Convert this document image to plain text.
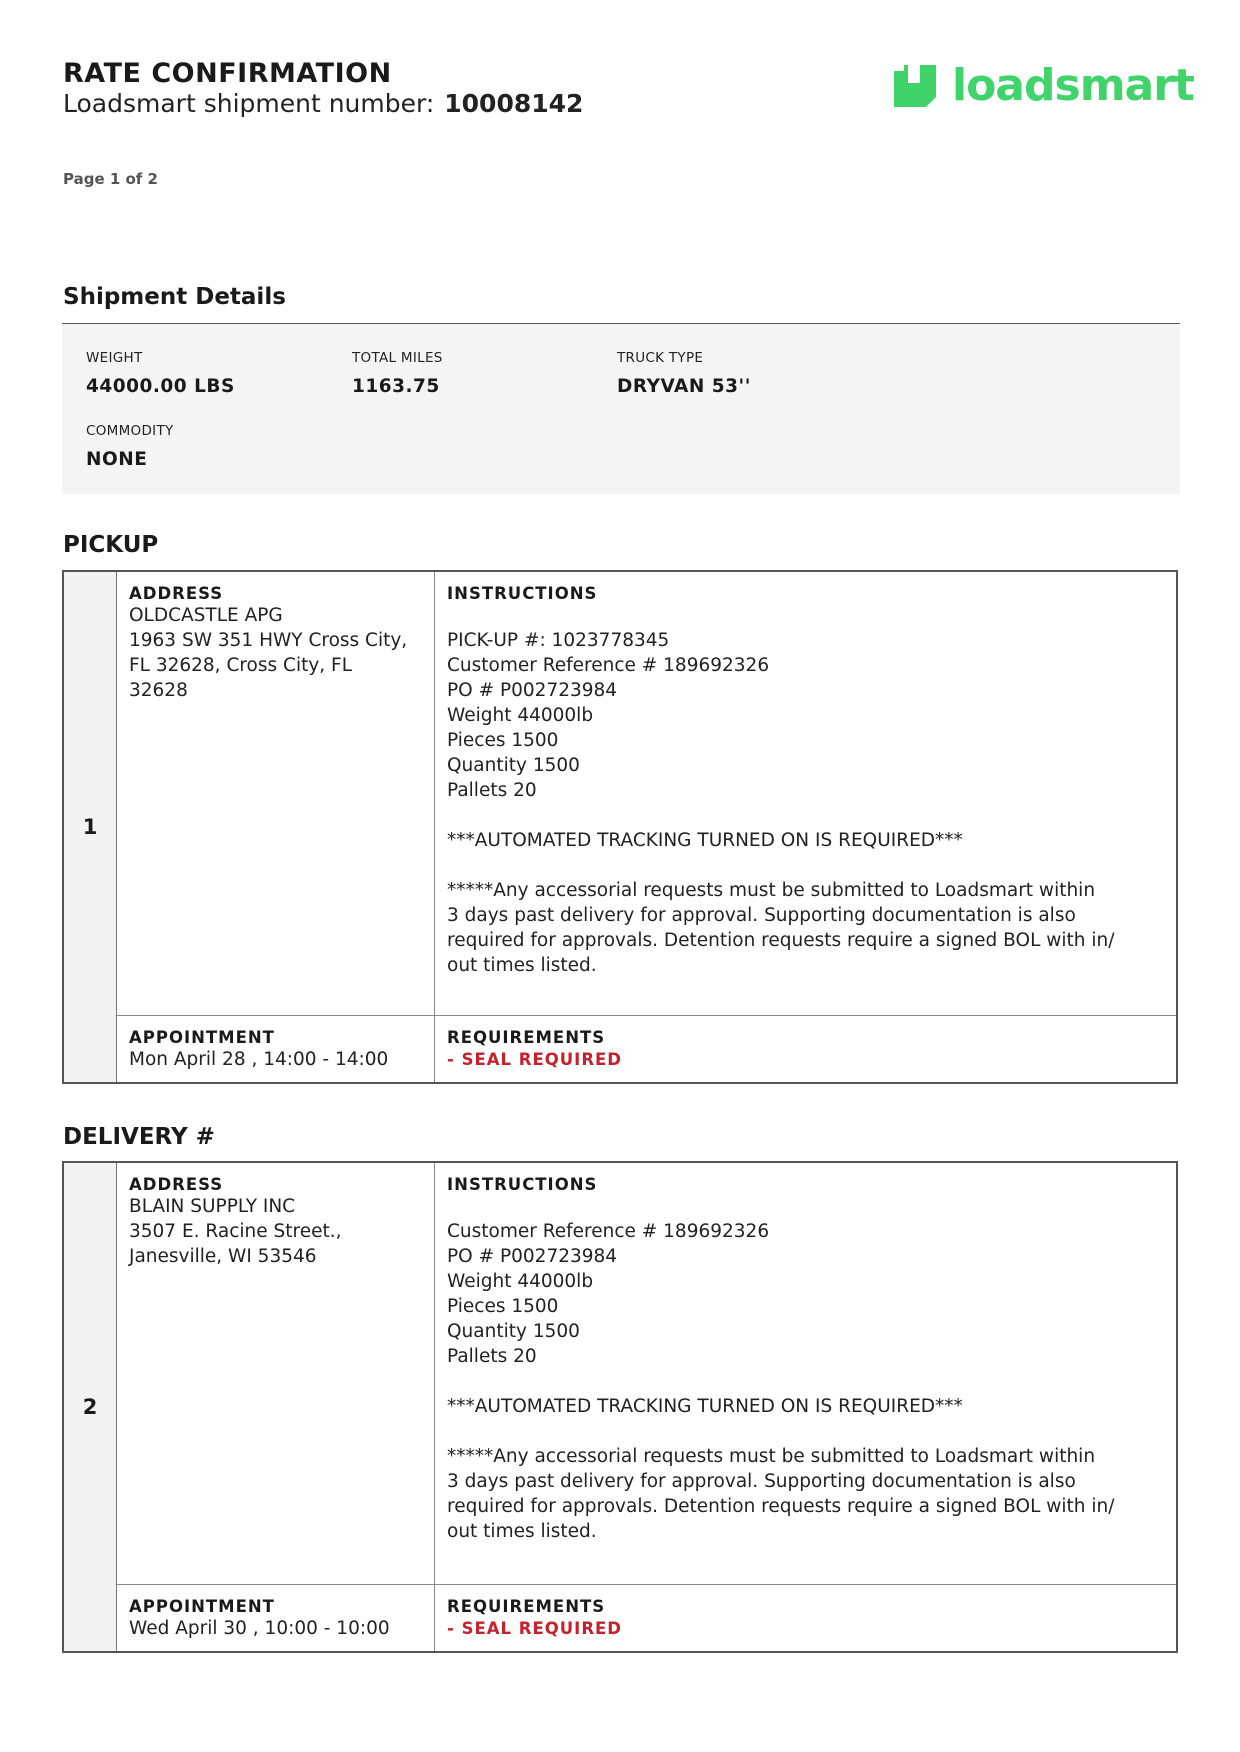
RATE CONFIRMATION
Loadsmart shipment number: 10008142	loadsmart
Page 1 of 2
Shipment Details
WEIGHT
44000.00 LBS
TOTAL MILES
1163.75
TRUCK TYPE
DRYVAN 53''
COMMODITY
NONE
PICKUP
1
ADDRESS
OLDCASTLE APG
1963 SW 351 HWY Cross City,
FL 32628, Cross City, FL
32628
INSTRUCTIONS

PICK-UP #: 1023778345
Customer Reference # 189692326
PO # P002723984
Weight 44000lb
Pieces 1500
Quantity 1500
Pallets 20

***AUTOMATED TRACKING TURNED ON IS REQUIRED***

*****Any accessorial requests must be submitted to Loadsmart within
3 days past delivery for approval. Supporting documentation is also
required for approvals. Detention requests require a signed BOL with in/
out times listed.
APPOINTMENT
Mon April 28 , 14:00 - 14:00
REQUIREMENTS
- SEAL REQUIRED
DELIVERY #
2
ADDRESS
BLAIN SUPPLY INC
3507 E. Racine Street.,
Janesville, WI 53546
INSTRUCTIONS

Customer Reference # 189692326
PO # P002723984
Weight 44000lb
Pieces 1500
Quantity 1500
Pallets 20

***AUTOMATED TRACKING TURNED ON IS REQUIRED***

*****Any accessorial requests must be submitted to Loadsmart within
3 days past delivery for approval. Supporting documentation is also
required for approvals. Detention requests require a signed BOL with in/
out times listed.
APPOINTMENT
Wed April 30 , 10:00 - 10:00
REQUIREMENTS
- SEAL REQUIRED
